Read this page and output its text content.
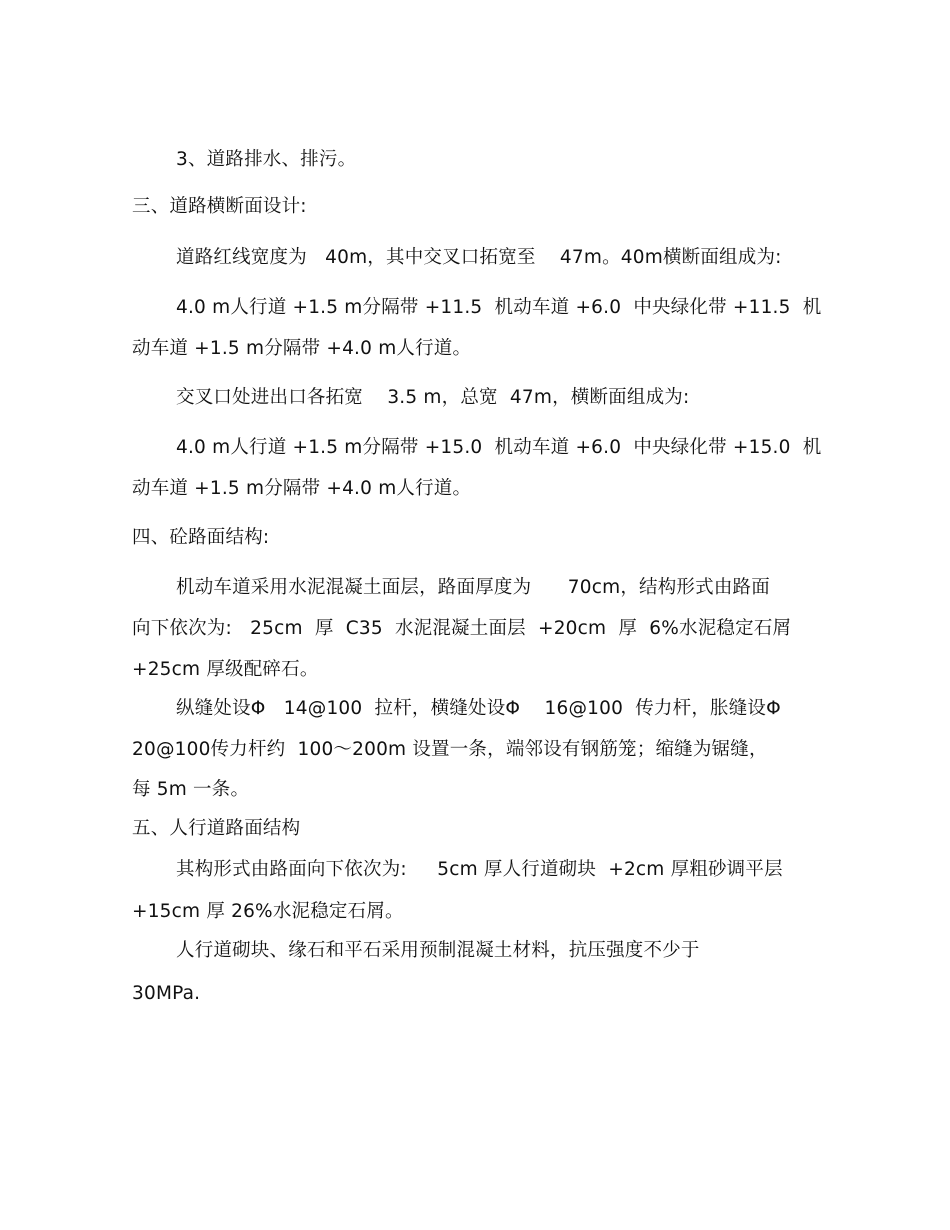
3、道路排水、排污。
三、道路横断面设计:
道路红线宽度为   40m，其中交叉口拓宽至    47m。40m横断面组成为:
4.0 m人行道 +1.5 m分隔带 +11.5  机动车道 +6.0  中央绿化带 +11.5  机
动车道 +1.5 m分隔带 +4.0 m人行道。
交叉口处进出口各拓宽    3.5 m，总宽  47m，横断面组成为:
4.0 m人行道 +1.5 m分隔带 +15.0  机动车道 +6.0  中央绿化带 +15.0  机
动车道 +1.5 m分隔带 +4.0 m人行道。
四、砼路面结构:
机动车道采用水泥混凝土面层，路面厚度为      70cm，结构形式由路面
向下依次为:   25cm  厚  C35  水泥混凝土面层  +20cm  厚  6%水泥稳定石屑
+25cm 厚级配碎石。
纵缝处设Φ   14@100  拉杆，横缝处设Φ    16@100  传力杆，胀缝设Φ
20@100传力杆约  100～200m 设置一条，端邻设有钢筋笼；缩缝为锯缝，
每 5m 一条。
五、人行道路面结构
其构形式由路面向下依次为:     5cm 厚人行道砌块  +2cm 厚粗砂调平层
+15cm 厚 26%水泥稳定石屑。
人行道砌块、缘石和平石采用预制混凝土材料，抗压强度不少于
30MPa.
